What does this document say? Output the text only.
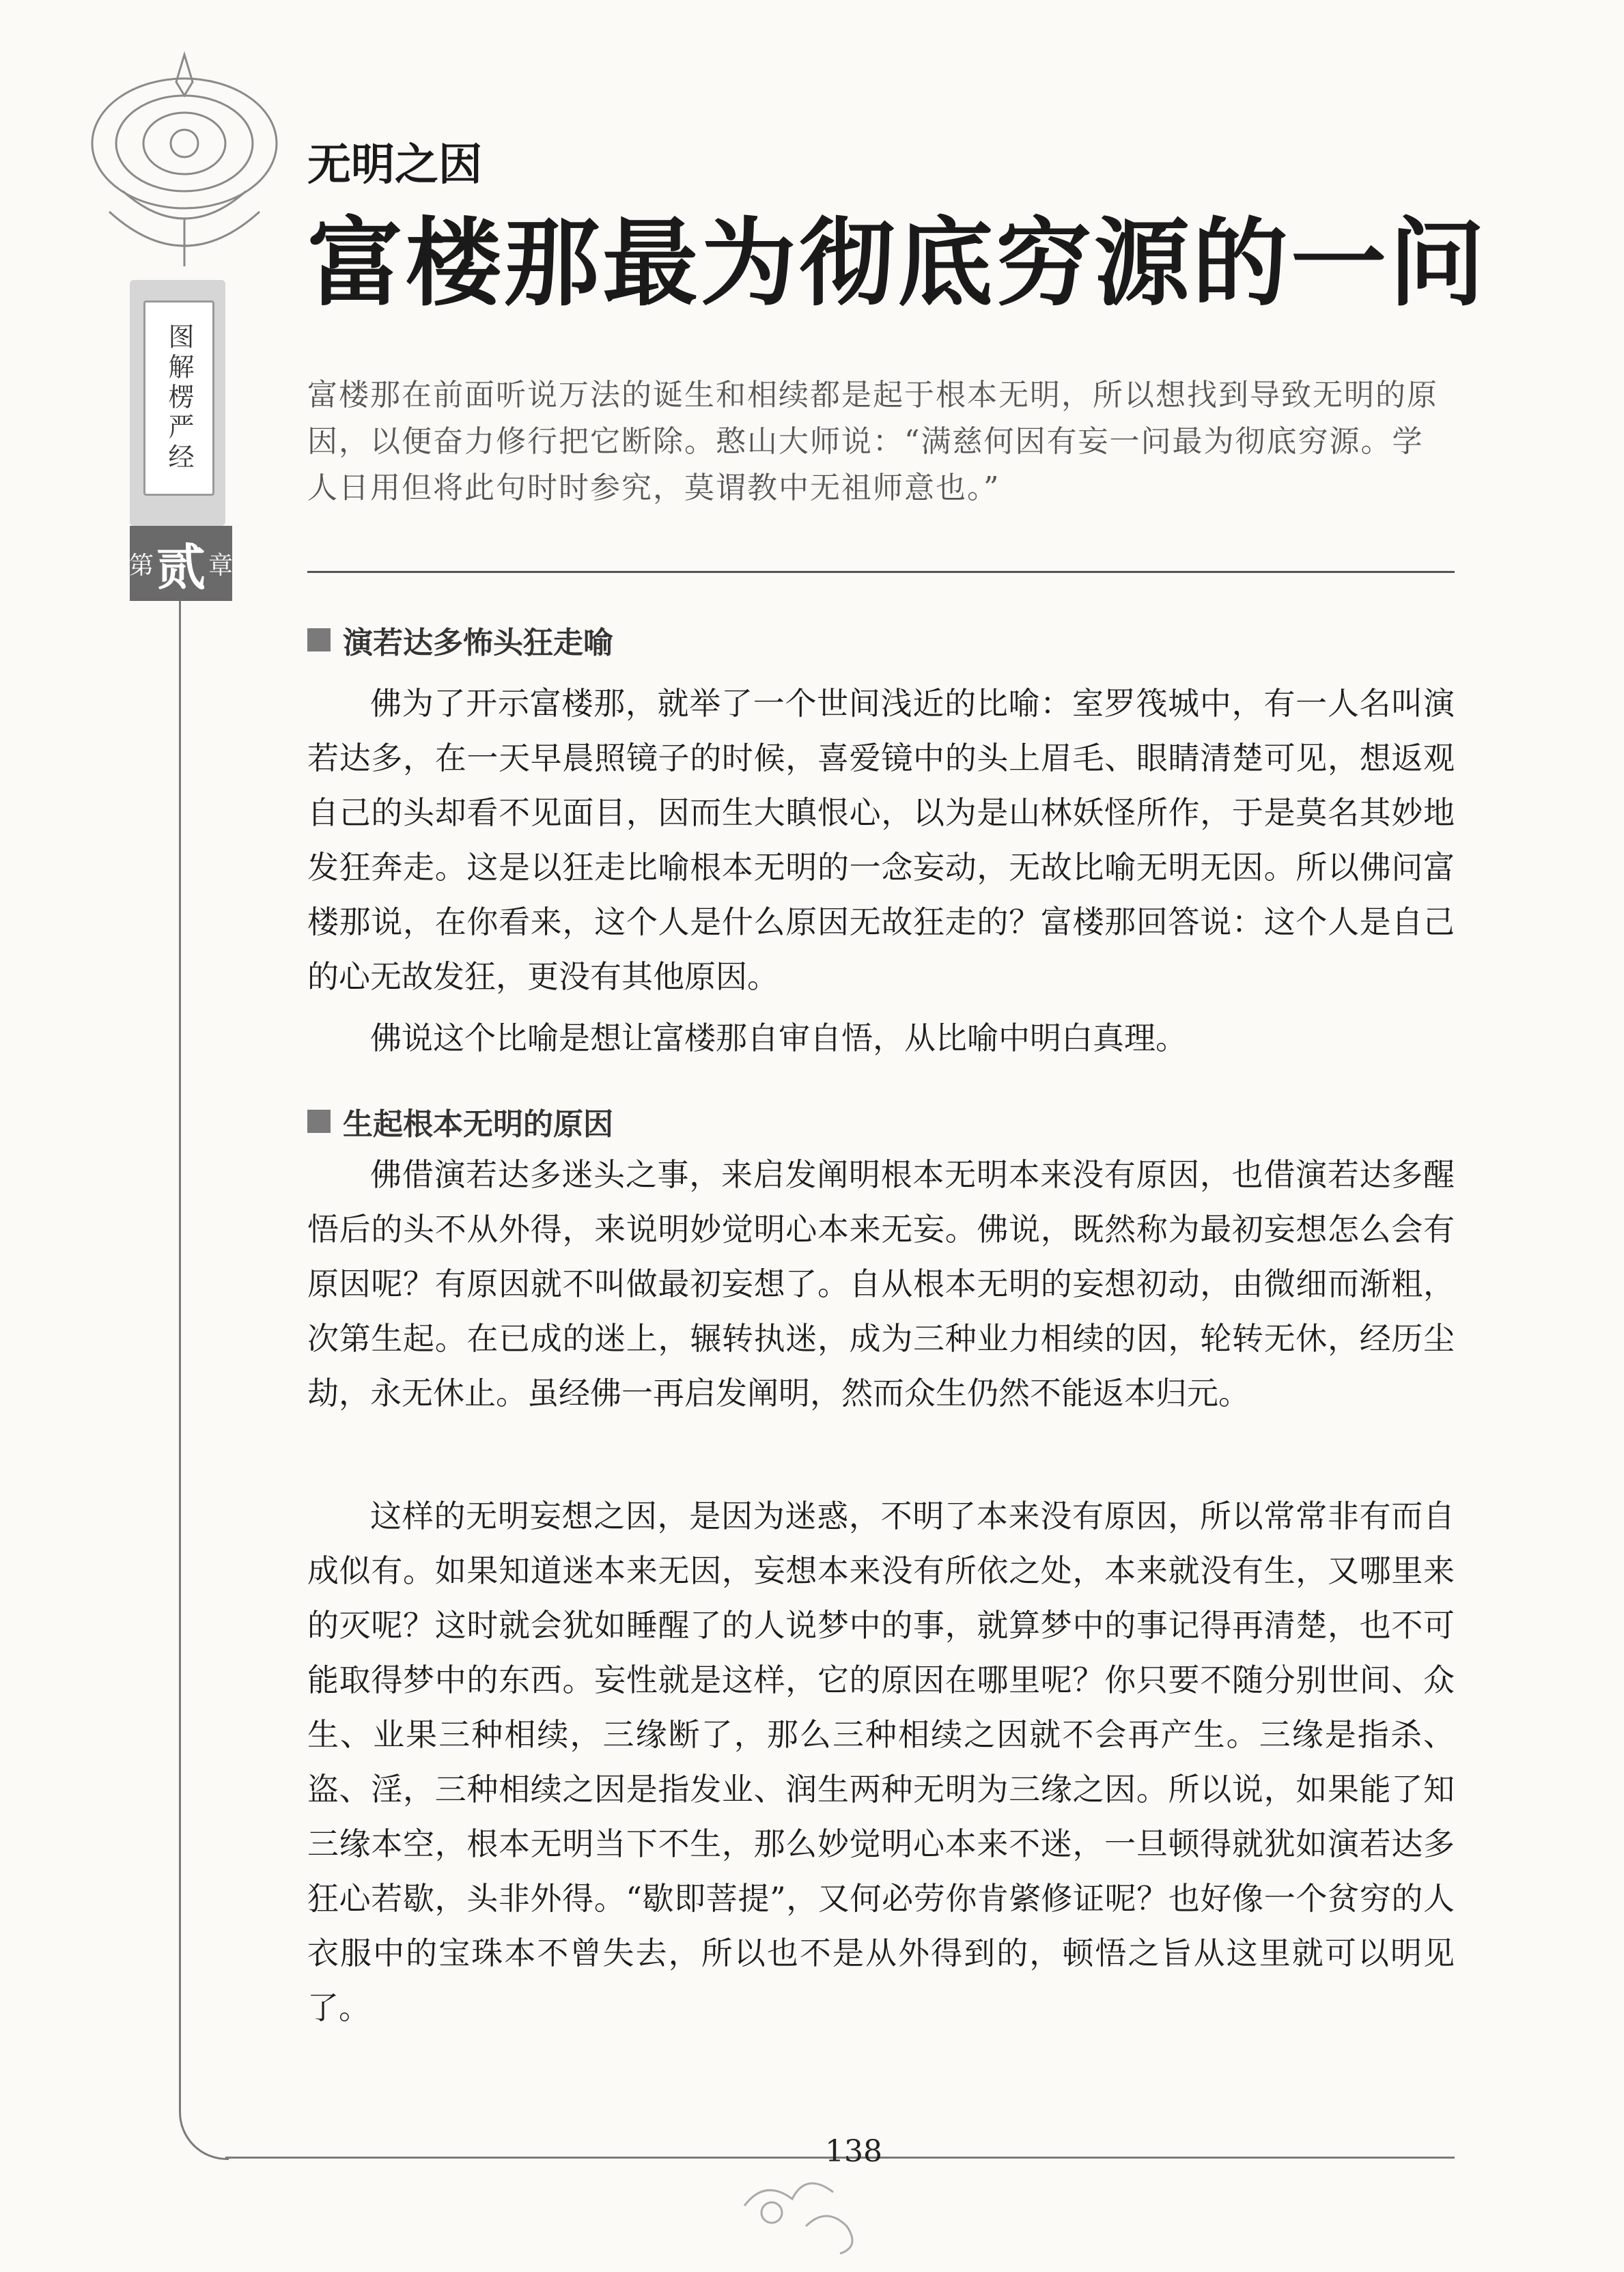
图解楞严经
第 贰 章
无明之因
富楼那最为彻底穷源的一问

富楼那在前面听说万法的诞生和相续都是起于根本无明，所以想找到导致无明的原因，以便奋力修行把它断除。憨山大师说：“满慈何因有妄一问最为彻底穷源。学人日用但将此句时时参究，莫谓教中无祖师意也。”

演若达多怖头狂走喻

佛为了开示富楼那，就举了一个世间浅近的比喻：室罗筏城中，有一人名叫演若达多，在一天早晨照镜子的时候，喜爱镜中的头上眉毛、眼睛清楚可见，想返观自己的头却看不见面目，因而生大瞋恨心，以为是山林妖怪所作，于是莫名其妙地发狂奔走。这是以狂走比喻根本无明的一念妄动，无故比喻无明无因。所以佛问富楼那说，在你看来，这个人是什么原因无故狂走的？富楼那回答说：这个人是自己的心无故发狂，更没有其他原因。

佛说这个比喻是想让富楼那自审自悟，从比喻中明白真理。

生起根本无明的原因

佛借演若达多迷头之事，来启发阐明根本无明本来没有原因，也借演若达多醒悟后的头不从外得，来说明妙觉明心本来无妄。佛说，既然称为最初妄想怎么会有原因呢？有原因就不叫做最初妄想了。自从根本无明的妄想初动，由微细而渐粗，次第生起。在已成的迷上，辗转执迷，成为三种业力相续的因，轮转无休，经历尘劫，永无休止。虽经佛一再启发阐明，然而众生仍然不能返本归元。

这样的无明妄想之因，是因为迷惑，不明了本来没有原因，所以常常非有而自成似有。如果知道迷本来无因，妄想本来没有所依之处，本来就没有生，又哪里来的灭呢？这时就会犹如睡醒了的人说梦中的事，就算梦中的事记得再清楚，也不可能取得梦中的东西。妄性就是这样，它的原因在哪里呢？你只要不随分别世间、众生、业果三种相续，三缘断了，那么三种相续之因就不会再产生。三缘是指杀、盗、淫，三种相续之因是指发业、润生两种无明为三缘之因。所以说，如果能了知三缘本空，根本无明当下不生，那么妙觉明心本来不迷，一旦顿得就犹如演若达多狂心若歇，头非外得。“歇即菩提”，又何必劳你肯綮修证呢？也好像一个贫穷的人衣服中的宝珠本不曾失去，所以也不是从外得到的，顿悟之旨从这里就可以明见了。

138
